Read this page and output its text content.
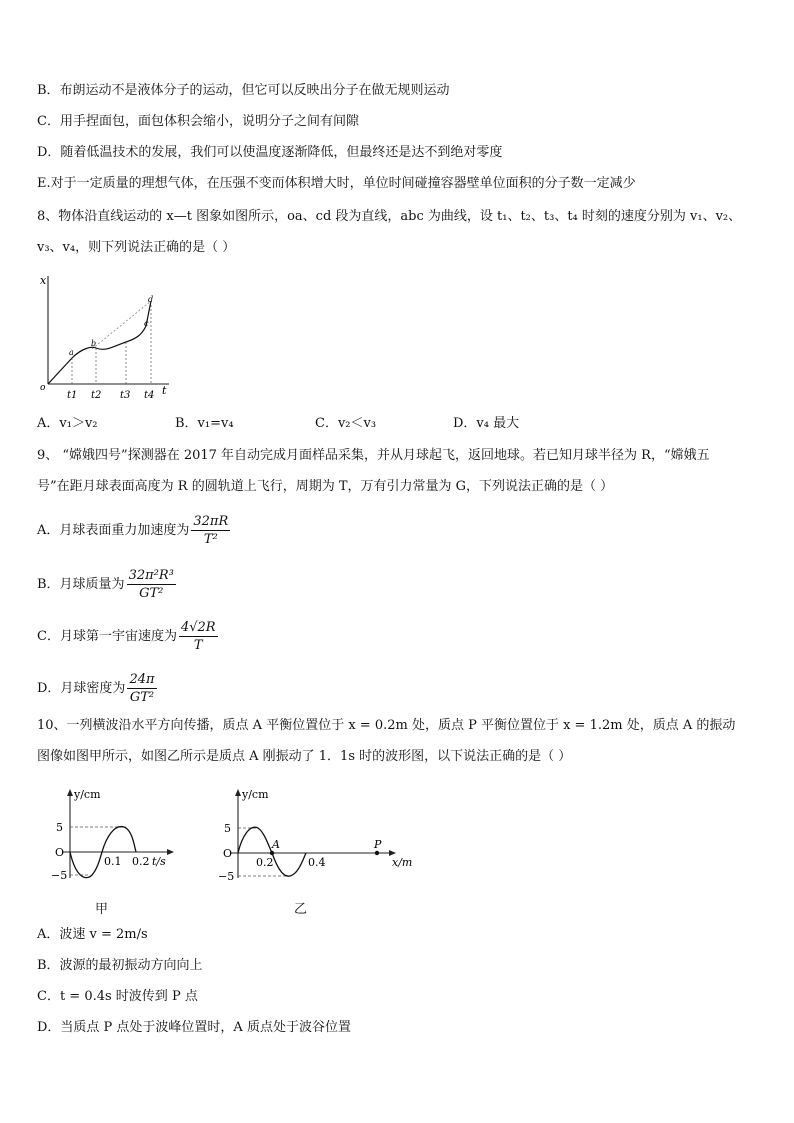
B．布朗运动不是液体分子的运动，但它可以反映出分子在做无规则运动
C．用手捏面包，面包体积会缩小，说明分子之间有间隙
D．随着低温技术的发展，我们可以使温度逐渐降低，但最终还是达不到绝对零度
E.对于一定质量的理想气体，在压强不变而体积增大时，单位时间碰撞容器壁单位面积的分子数一定减少
8、物体沿直线运动的 x—t 图象如图所示，oa、cd 段为直线，abc 为曲线，设 t₁、t₂、t₃、t₄ 时刻的速度分别为 v₁、v₂、
v₃、v₄，则下列说法正确的是（ ）
x
t
o
a
b
c
d
t1 t2 t3 t4
A．v₁＞v₂	B．v₁=v₄	C．v₂＜v₃	D．v₄ 最大
9、 “嫦娥四号”探测器在 2017 年自动完成月面样品采集，并从月球起飞，返回地球。若已知月球半径为 R，“嫦娥五
号”在距月球表面高度为 R 的圆轨道上飞行，周期为 T，万有引力常量为 G，下列说法正确的是（ ）
A．月球表面重力加速度为 $\frac{32\pi R}{\text{T²}}$
B．月球质量为 $\frac{\text{32π²R³}}{\text{GT²}}$
C．月球第一宇宙速度为 $\frac{4√2R}{T}$
D．月球密度为 $\frac{24\pi}{\text{GT²}}$
10、一列横波沿水平方向传播，质点 A 平衡位置位于 x = 0.2m 处，质点 P 平衡位置位于 x = 1.2m 处，质点 A 的振动
图像如图甲所示，如图乙所示是质点 A 刚振动了 1．1s 时的波形图，以下说法正确的是（ ）
y/cm
t/s
5
−5
O
0.1 0.2
甲
y/cm
x/m
5
−5
O
A	P
0.2	0.4
乙
A．波速 v = 2m/s
B．波源的最初振动方向向上
C．t = 0.4s 时波传到 P 点
D．当质点 P 点处于波峰位置时，A 质点处于波谷位置
